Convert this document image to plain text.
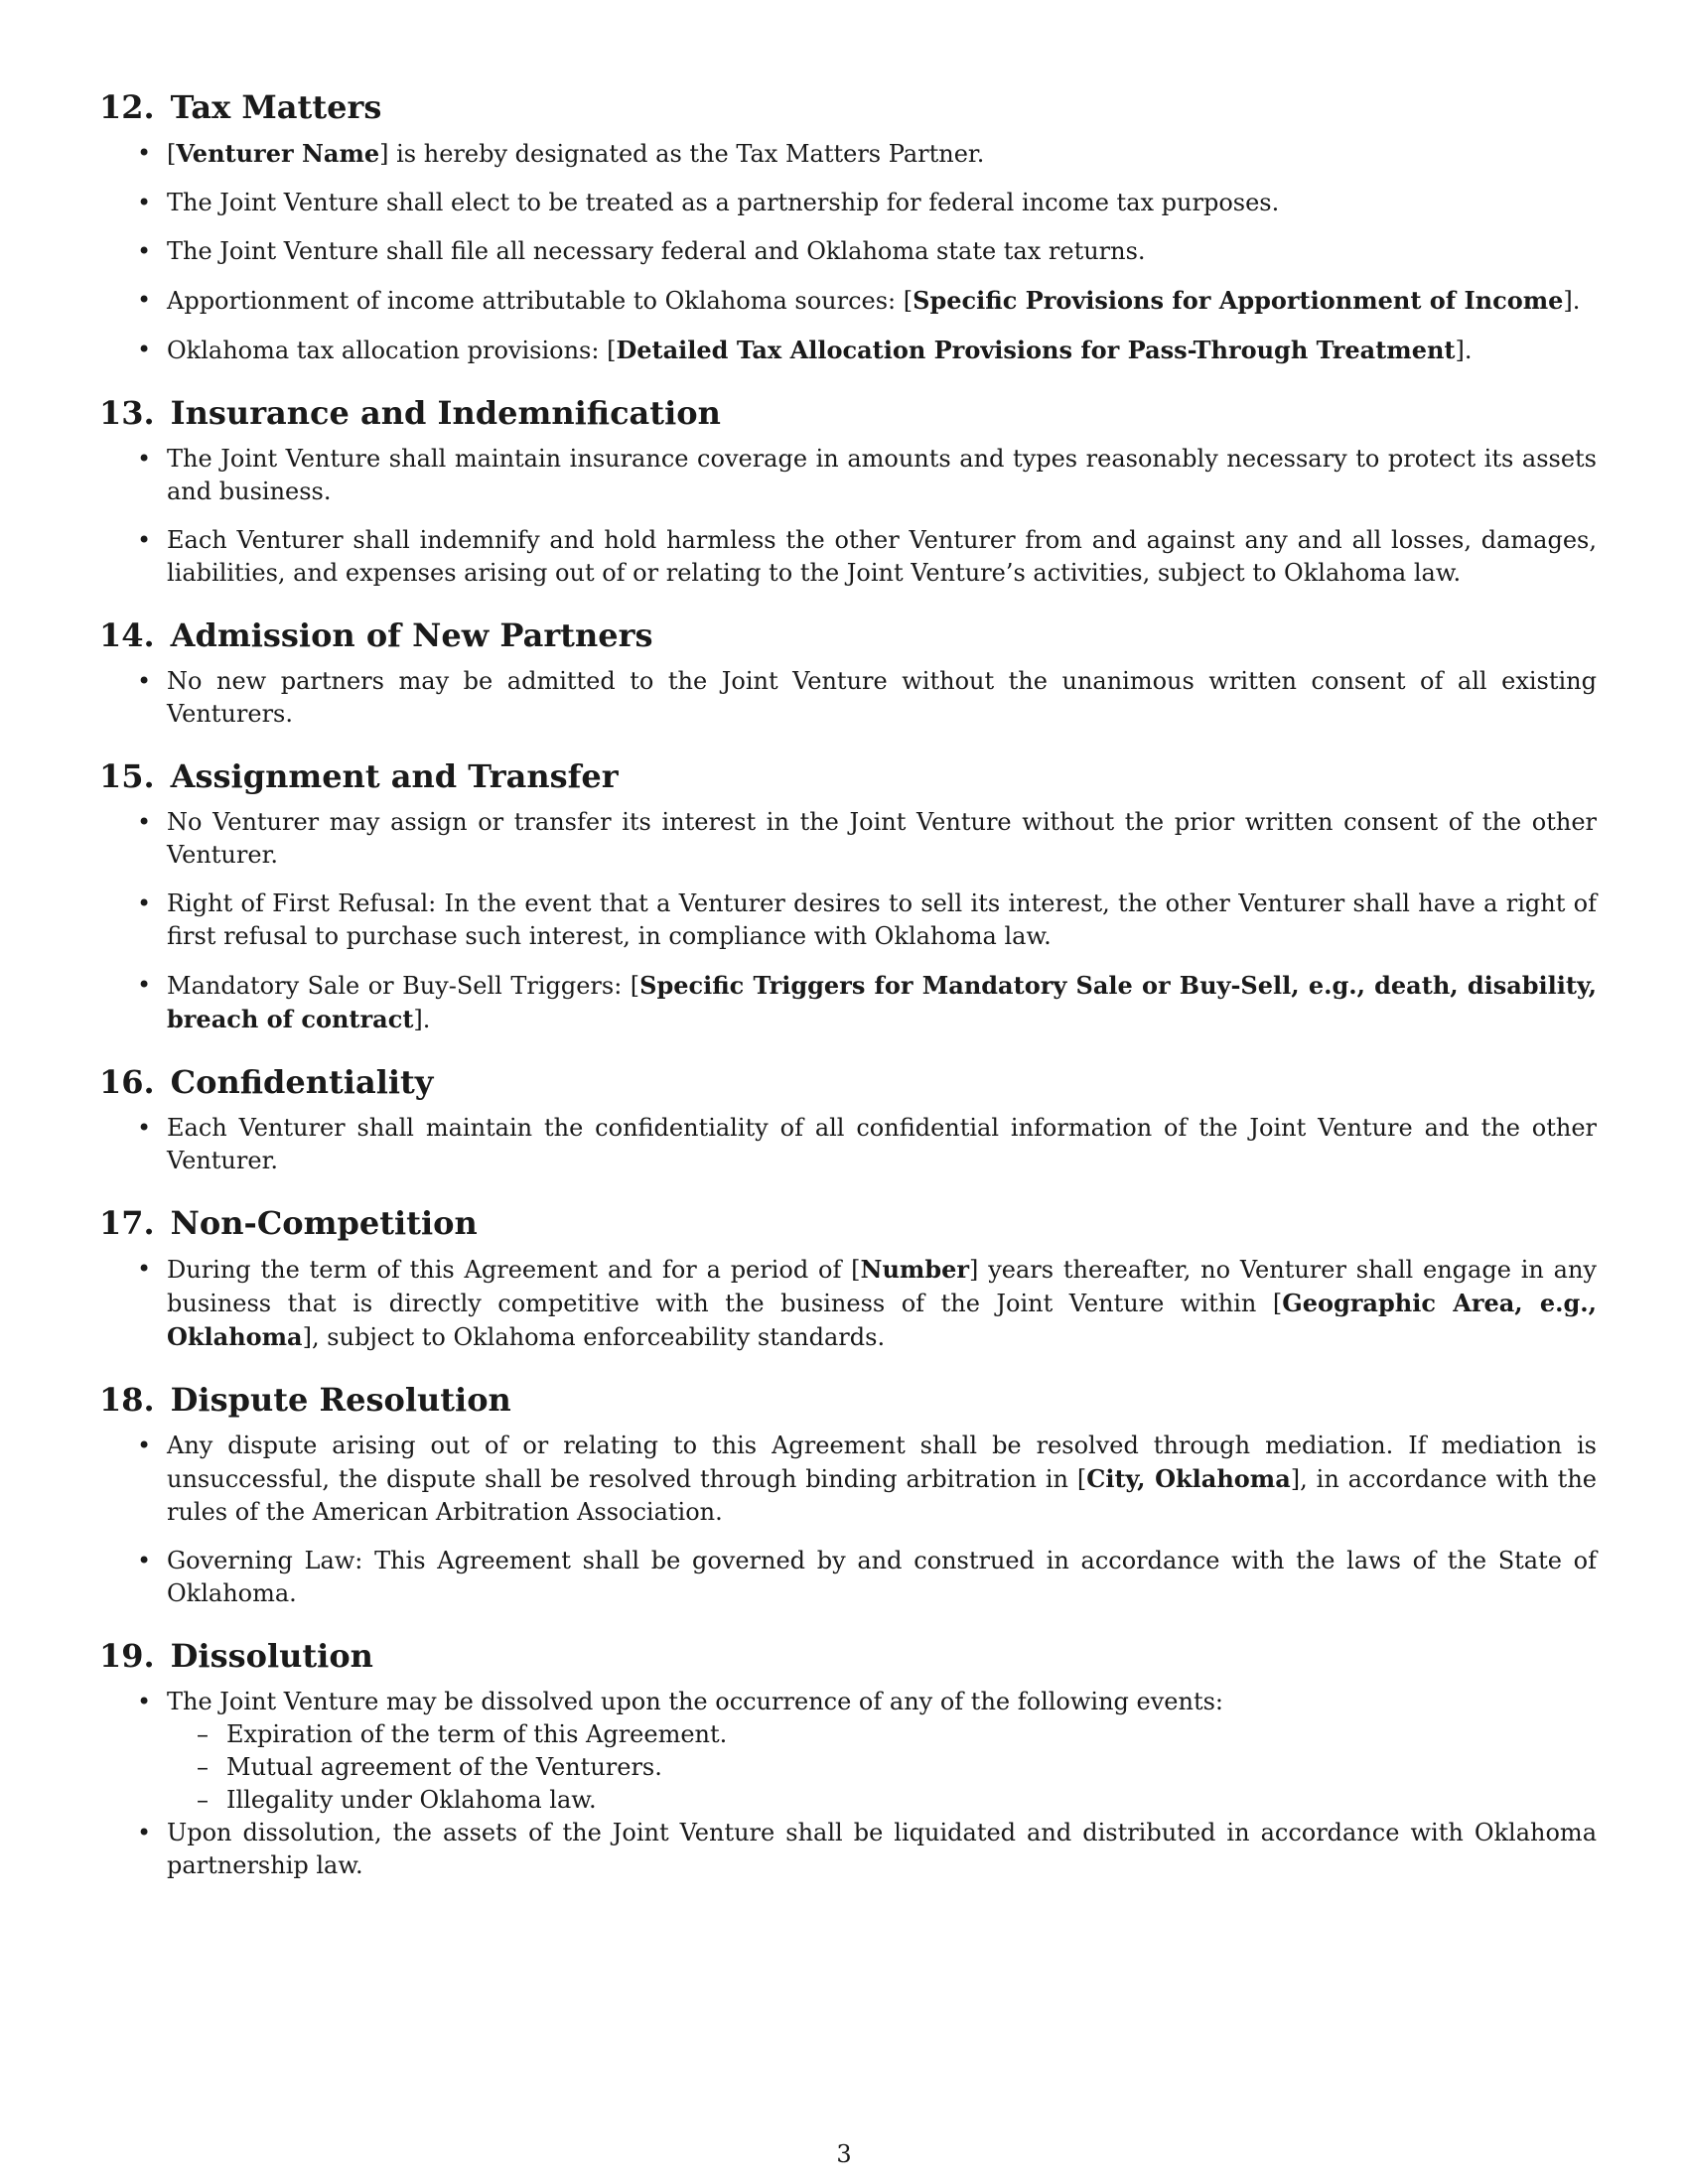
12. Tax Matters
• [Venturer Name] is hereby designated as the Tax Matters Partner.
• The Joint Venture shall elect to be treated as a partnership for federal income tax purposes.
• The Joint Venture shall file all necessary federal and Oklahoma state tax returns.
• Apportionment of income attributable to Oklahoma sources: [Specific Provisions for Apportionment of Income].
• Oklahoma tax allocation provisions: [Detailed Tax Allocation Provisions for Pass-Through Treatment].
13. Insurance and Indemnification
• The Joint Venture shall maintain insurance coverage in amounts and types reasonably necessary to protect its assets and business.
• Each Venturer shall indemnify and hold harmless the other Venturer from and against any and all losses, damages, liabilities, and expenses arising out of or relating to the Joint Venture’s activities, subject to Oklahoma law.
14. Admission of New Partners
• No new partners may be admitted to the Joint Venture without the unanimous written consent of all existing Venturers.
15. Assignment and Transfer
• No Venturer may assign or transfer its interest in the Joint Venture without the prior written consent of the other Venturer.
• Right of First Refusal: In the event that a Venturer desires to sell its interest, the other Venturer shall have a right of first refusal to purchase such interest, in compliance with Oklahoma law.
• Mandatory Sale or Buy-Sell Triggers: [Specific Triggers for Mandatory Sale or Buy-Sell, e.g., death, disability, breach of contract].
16. Confidentiality
• Each Venturer shall maintain the confidentiality of all confidential information of the Joint Venture and the other Venturer.
17. Non-Competition
• During the term of this Agreement and for a period of [Number] years thereafter, no Venturer shall engage in any business that is directly competitive with the business of the Joint Venture within [Geographic Area, e.g., Oklahoma], subject to Oklahoma enforceability standards.
18. Dispute Resolution
• Any dispute arising out of or relating to this Agreement shall be resolved through mediation. If mediation is unsuccessful, the dispute shall be resolved through binding arbitration in [City, Oklahoma], in accordance with the rules of the American Arbitration Association.
• Governing Law: This Agreement shall be governed by and construed in accordance with the laws of the State of Oklahoma.
19. Dissolution
• The Joint Venture may be dissolved upon the occurrence of any of the following events:
– Expiration of the term of this Agreement.
– Mutual agreement of the Venturers.
– Illegality under Oklahoma law.
• Upon dissolution, the assets of the Joint Venture shall be liquidated and distributed in accordance with Oklahoma partnership law.
3
